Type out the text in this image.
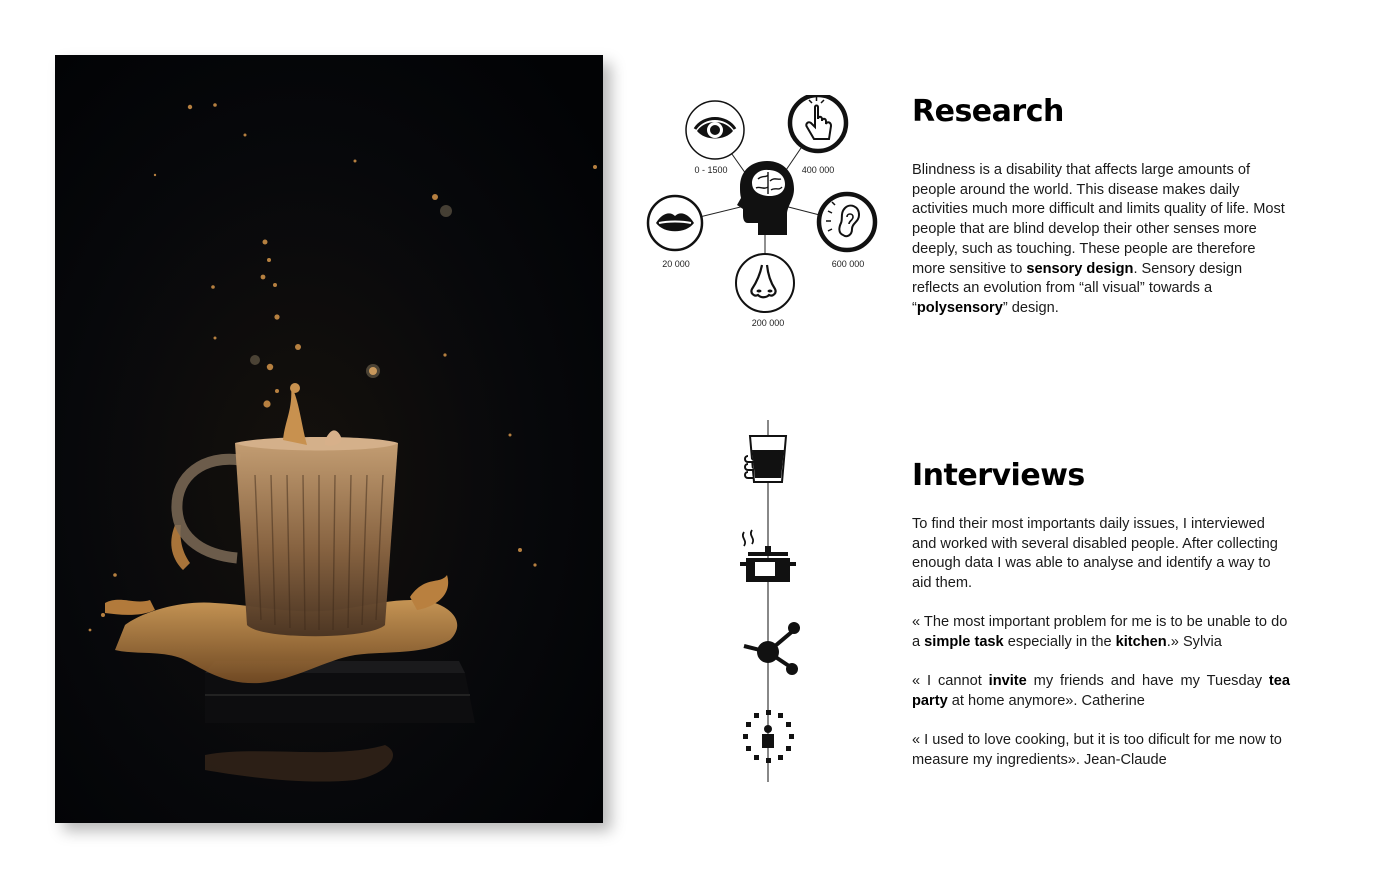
0 - 1500	400 000
20 000	600 000
200 000
Research

Blindness is a disability that affects large amounts of people around the world. This disease makes daily activities much more difficult and limits quality of life. Most people that are blind develop their other senses more deeply, such as touching. These people are therefore more sensitive to sensory design. Sensory design reflects an evolution from “all visual” towards a “polysensory” design.

Interviews

To find their most importants daily issues, I interviewed and worked with several disabled people. After collecting enough data I was able to analyse and identify a way to aid them.

« The most important problem for me is to be unable to do a simple task especially in the kitchen.» Sylvia

« I cannot invite my friends and have my Tuesday tea party at home anymore». Catherine

« I used to love cooking, but it is too dificult for me now to measure my ingredients». Jean-Claude
